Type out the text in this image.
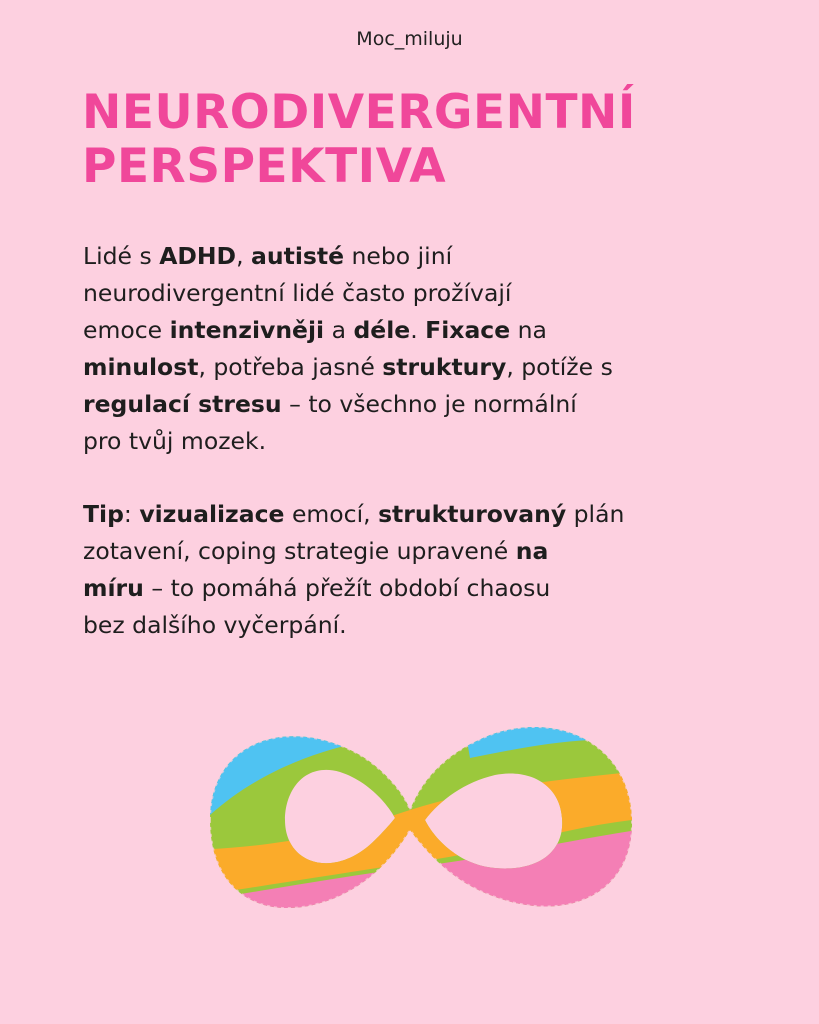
Moc_miluju
NEURODIVERGENTNÍ
PERSPEKTIVA
Lidé s ADHD, autisté nebo jiní
neurodivergentní lidé často prožívají
emoce intenzivněji a déle. Fixace na
minulost, potřeba jasné struktury, potíže s
regulací stresu – to všechno je normální
pro tvůj mozek.
Tip: vizualizace emocí, strukturovaný plán
zotavení, coping strategie upravené na
míru – to pomáhá přežít období chaosu
bez dalšího vyčerpání.
